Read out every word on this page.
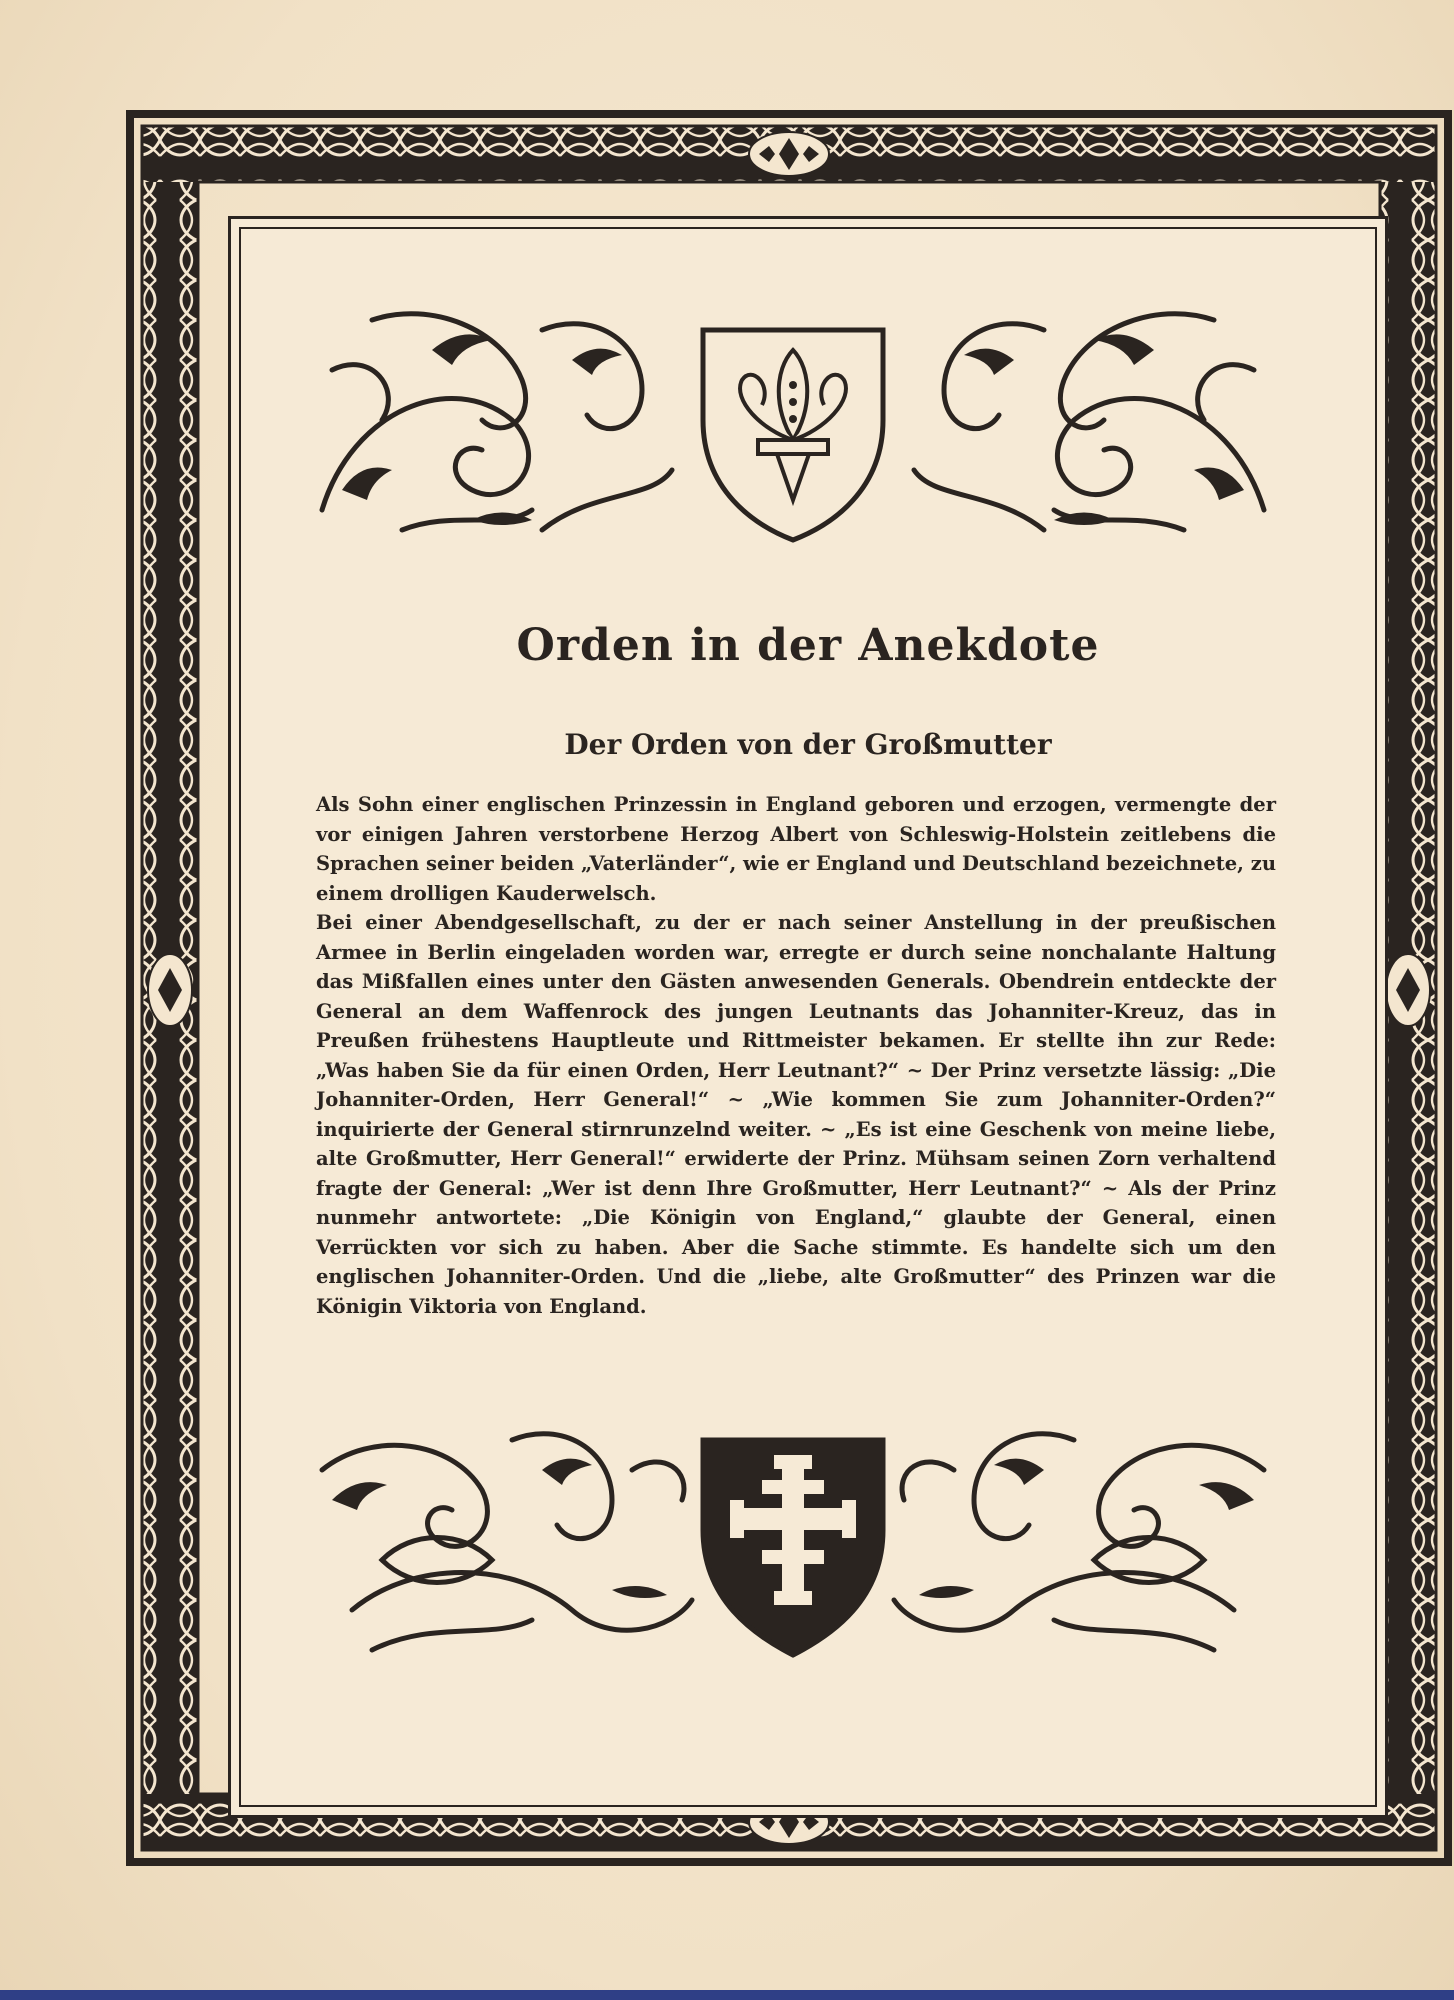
Orden in der Anekdote
Der Orden von der Großmutter

Als Sohn einer englischen Prinzessin in England geboren und erzogen, vermengte der vor einigen Jahren verstorbene Herzog Albert von Schleswig-Holstein zeitlebens die Sprachen seiner beiden „Vaterländer“, wie er England und Deutschland bezeichnete, zu einem drolligen Kauderwelsch.

Bei einer Abendgesellschaft, zu der er nach seiner Anstellung in der preußischen Armee in Berlin eingeladen worden war, erregte er durch seine nonchalante Haltung das Mißfallen eines unter den Gästen anwesenden Generals. Obendrein entdeckte der General an dem Waffenrock des jungen Leutnants das Johanniter-Kreuz, das in Preußen frühestens Hauptleute und Rittmeister bekamen. Er stellte ihn zur Rede: „Was haben Sie da für einen Orden, Herr Leutnant?“ ~ Der Prinz versetzte lässig: „Die Johanniter-Orden, Herr General!“ ~ „Wie kommen Sie zum Johanniter-Orden?“ inquirierte der General stirnrunzelnd weiter. ~ „Es ist eine Geschenk von meine liebe, alte Großmutter, Herr General!“ erwiderte der Prinz. Mühsam seinen Zorn verhaltend fragte der General: „Wer ist denn Ihre Großmutter, Herr Leutnant?“ ~ Als der Prinz nunmehr antwortete: „Die Königin von England,“ glaubte der General, einen Verrückten vor sich zu haben. Aber die Sache stimmte. Es handelte sich um den englischen Johanniter-Orden. Und die „liebe, alte Großmutter“ des Prinzen war die Königin Viktoria von England.
